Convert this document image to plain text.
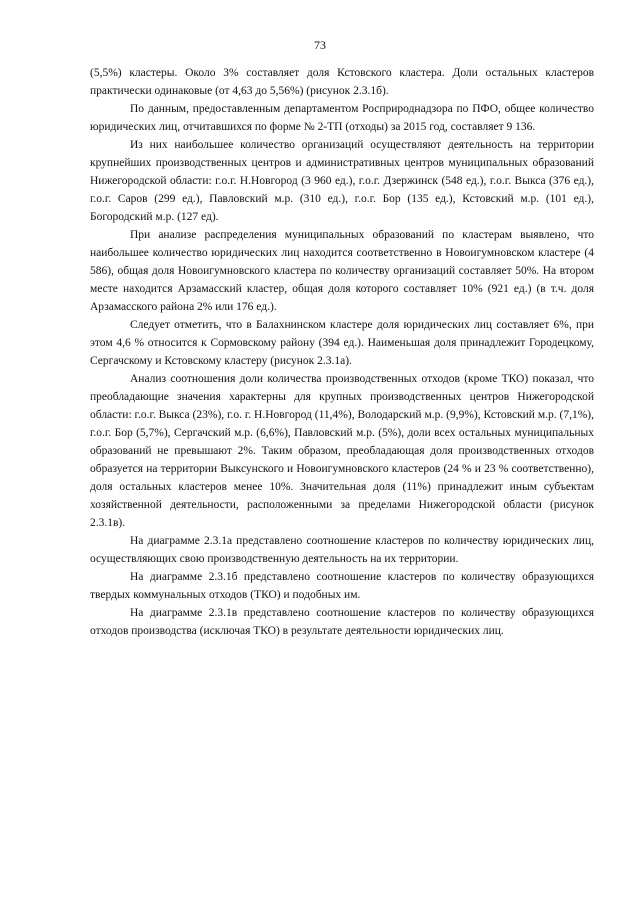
73

(5,5%) кластеры. Около 3% составляет доля Кстовского кластера. Доли остальных кластеров практически одинаковые (от 4,63 до 5,56%) (рисунок 2.3.1б).

По данным, предоставленным департаментом Росприроднадзора по ПФО, общее количество юридических лиц, отчитавшихся по форме № 2-ТП (отходы) за 2015 год, составляет 9 136.

Из них наибольшее количество организаций осуществляют деятельность на территории крупнейших производственных центров и административных центров муниципальных образований Нижегородской области: г.о.г. Н.Новгород (3 960 ед.), г.о.г. Дзержинск (548 ед.), г.о.г. Выкса (376 ед.), г.о.г. Саров (299 ед.), Павловский м.р. (310 ед.), г.о.г. Бор (135 ед.), Кстовский м.р. (101 ед.), Богородский м.р. (127 ед).

При анализе распределения муниципальных образований по кластерам выявлено, что наибольшее количество юридических лиц находится соответственно в Новоигумновском кластере (4 586), общая доля Новоигумновского кластера по количеству организаций составляет 50%. На втором месте находится Арзамасский кластер, общая доля которого составляет 10% (921 ед.) (в т.ч. доля Арзамасского района 2% или 176 ед.).

Следует отметить, что в Балахнинском кластере доля юридических лиц составляет 6%, при этом 4,6 % относится к Сормовскому району (394 ед.). Наименьшая доля принадлежит Городецкому, Сергачскому и Кстовскому кластеру (рисунок 2.3.1а).

Анализ соотношения доли количества производственных отходов (кроме ТКО) показал, что преобладающие значения характерны для крупных производственных центров Нижегородской области: г.о.г. Выкса (23%), г.о. г. Н.Новгород (11,4%), Володарский м.р. (9,9%), Кстовский м.р. (7,1%), г.о.г. Бор (5,7%), Сергачский м.р. (6,6%), Павловский м.р. (5%), доли всех остальных муниципальных образований не превышают 2%. Таким образом, преобладающая доля производственных отходов образуется на территории Выксунского и Новоигумновского кластеров (24 % и 23 % соответственно), доля остальных кластеров менее 10%. Значительная доля (11%) принадлежит иным субъектам хозяйственной деятельности, расположенными за пределами Нижегородской области (рисунок 2.3.1в).

На диаграмме 2.3.1а представлено соотношение кластеров по количеству юридических лиц, осуществляющих свою производственную деятельность на их территории.

На диаграмме 2.3.1б представлено соотношение кластеров по количеству образующихся твердых коммунальных отходов (ТКО) и подобных им.

На диаграмме 2.3.1в представлено соотношение кластеров по количеству образующихся отходов производства (исключая ТКО) в результате деятельности юридических лиц.
